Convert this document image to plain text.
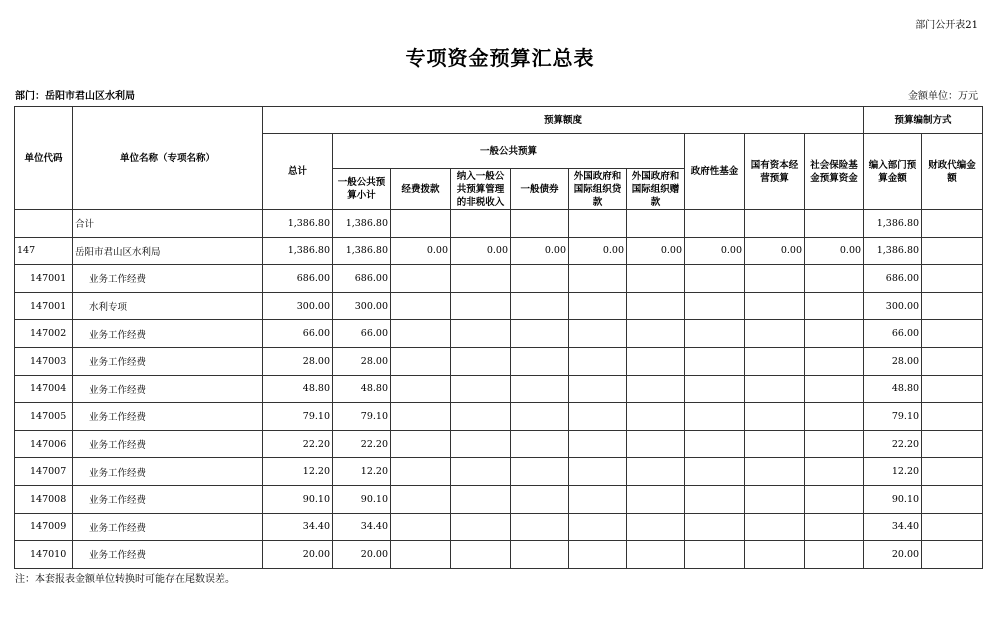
部门公开表21
专项资金预算汇总表
部门：岳阳市君山区水利局	金额单位：万元
单位代码	单位名称（专项名称）	预算额度										预算编制方式	
		总计	一般公共预算						政府性基金	国有资本经营预算	社会保险基金预算资金	编入部门预算金额	财政代编金额
			一般公共预算小计	经费拨款	纳入一般公共预算管理的非税收入	一般债券	外国政府和国际组织贷款	外国政府和国际组织赠款					
	合计	1,386.80	1,386.80									1,386.80	
147	岳阳市君山区水利局	1,386.80	1,386.80	0.00	0.00	0.00	0.00	0.00	0.00	0.00	0.00	1,386.80	
147001	业务工作经费	686.00	686.00									686.00	
147001	水利专项	300.00	300.00									300.00	
147002	业务工作经费	66.00	66.00									66.00	
147003	业务工作经费	28.00	28.00									28.00	
147004	业务工作经费	48.80	48.80									48.80	
147005	业务工作经费	79.10	79.10									79.10	
147006	业务工作经费	22.20	22.20									22.20	
147007	业务工作经费	12.20	12.20									12.20	
147008	业务工作经费	90.10	90.10									90.10	
147009	业务工作经费	34.40	34.40									34.40	
147010	业务工作经费	20.00	20.00									20.00	
注：本套报表金额单位转换时可能存在尾数误差。
